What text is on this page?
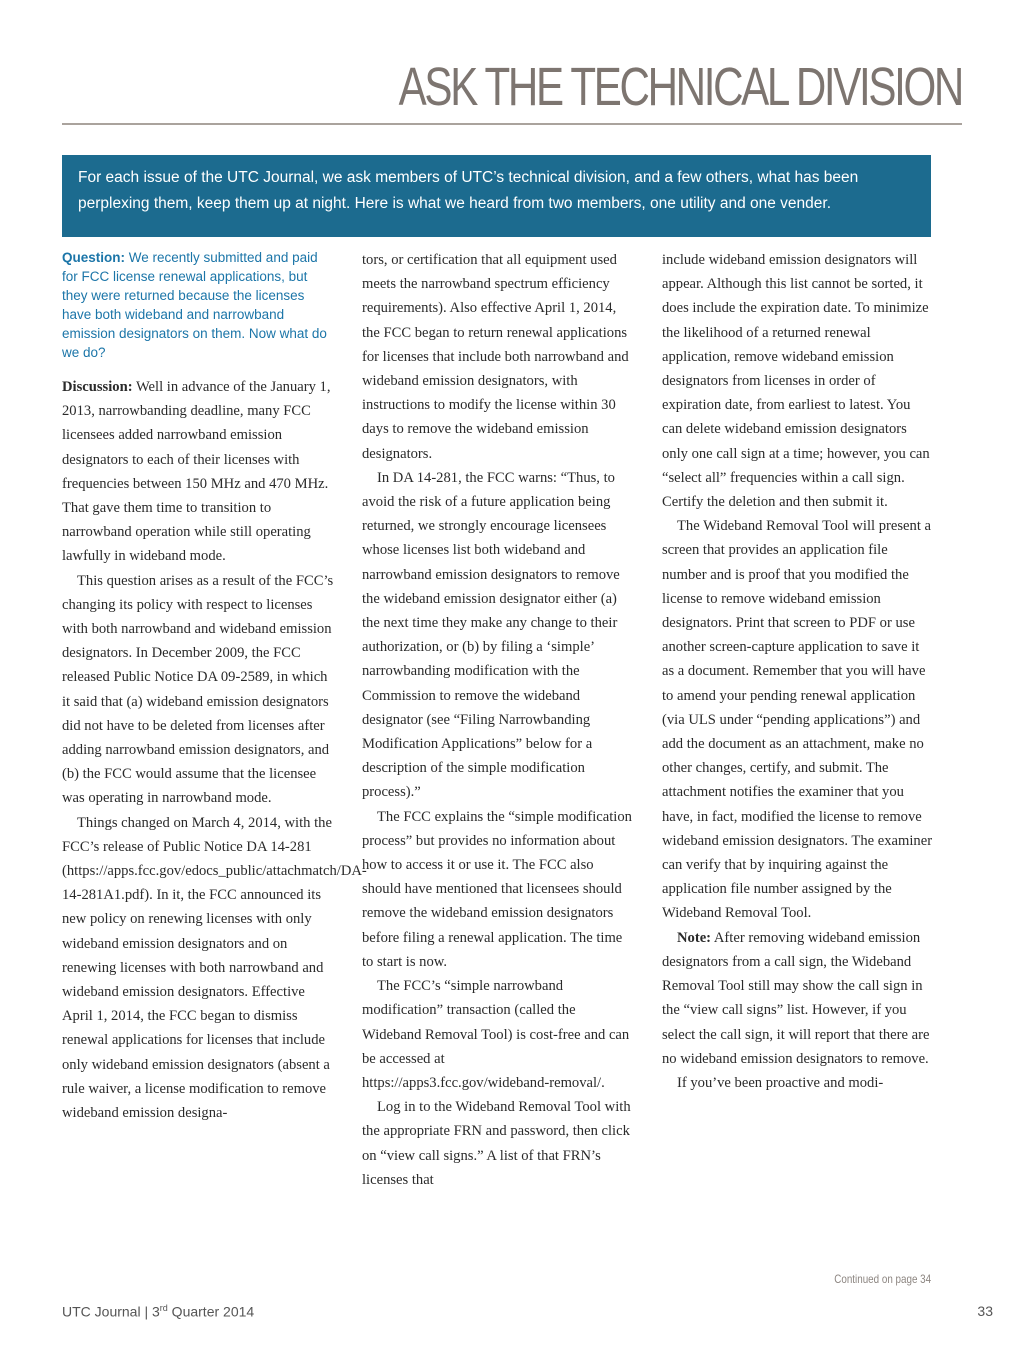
ASK THE TECHNICAL DIVISION
For each issue of the UTC Journal, we ask members of UTC’s technical division, and a few others, what has been perplexing them, keep them up at night. Here is what we heard from two members, one utility and one vender.

Question: We recently submitted and paid for FCC license renewal applications, but they were returned because the licenses have both wideband and narrowband emission designators on them. Now what do we do?

Discussion: Well in advance of the January 1, 2013, narrowbanding deadline, many FCC licensees added narrowband emission designators to each of their licenses with frequencies between 150 MHz and 470 MHz. That gave them time to transition to narrowband operation while still operating lawfully in wideband mode.

This question arises as a result of the FCC’s changing its policy with respect to licenses with both narrowband and wideband emission designators. In December 2009, the FCC released Public Notice DA 09-2589, in which it said that (a) wideband emission designators did not have to be deleted from licenses after adding narrowband emission designators, and (b) the FCC would assume that the licensee was operating in narrowband mode.

Things changed on March 4, 2014, with the FCC’s release of Public Notice DA 14-281 (https://apps.fcc.gov/edocs_public/attachmatch/DA-14-281A1.pdf). In it, the FCC announced its new policy on renewing licenses with only wideband emission designators and on renewing licenses with both narrowband and wideband emission designators. Effective April 1, 2014, the FCC began to dismiss renewal applications for licenses that include only wideband emission designators (absent a rule waiver, a license modification to remove wideband emission designa-

tors, or certification that all equipment used meets the narrowband spectrum efficiency requirements). Also effective April 1, 2014, the FCC began to return renewal applications for licenses that include both narrowband and wideband emission designators, with instructions to modify the license within 30 days to remove the wideband emission designators.

In DA 14-281, the FCC warns: “Thus, to avoid the risk of a future application being returned, we strongly encourage licensees whose licenses list both wideband and narrowband emission designators to remove the wideband emission designator either (a) the next time they make any change to their authorization, or (b) by filing a ‘simple’ narrowbanding modification with the Commission to remove the wideband designator (see “Filing Narrowbanding Modification Applications” below for a description of the simple modification process).”

The FCC explains the “simple modification process” but provides no information about how to access it or use it. The FCC also should have mentioned that licensees should remove the wideband emission designators before filing a renewal application. The time to start is now.

The FCC’s “simple narrowband modification” transaction (called the Wideband Removal Tool) is cost-free and can be accessed at https://apps3.fcc.gov/wideband-removal/.

Log in to the Wideband Removal Tool with the appropriate FRN and password, then click on “view call signs.” A list of that FRN’s licenses that

include wideband emission designators will appear. Although this list cannot be sorted, it does include the expiration date. To minimize the likelihood of a returned renewal application, remove wideband emission designators from licenses in order of expiration date, from earliest to latest. You can delete wideband emission designators only one call sign at a time; however, you can “select all” frequencies within a call sign. Certify the deletion and then submit it.

The Wideband Removal Tool will present a screen that provides an application file number and is proof that you modified the license to remove wideband emission designators. Print that screen to PDF or use another screen-capture application to save it as a document. Remember that you will have to amend your pending renewal application (via ULS under “pending applications”) and add the document as an attachment, make no other changes, certify, and submit. The attachment notifies the examiner that you have, in fact, modified the license to remove wideband emission designators. The examiner can verify that by inquiring against the application file number assigned by the Wideband Removal Tool.

Note: After removing wideband emission designators from a call sign, the Wideband Removal Tool still may show the call sign in the “view call signs” list. However, if you select the call sign, it will report that there are no wideband emission designators to remove.

If you’ve been proactive and modi-

Continued on page 34
UTC Journal | 3rd Quarter 2014	33
